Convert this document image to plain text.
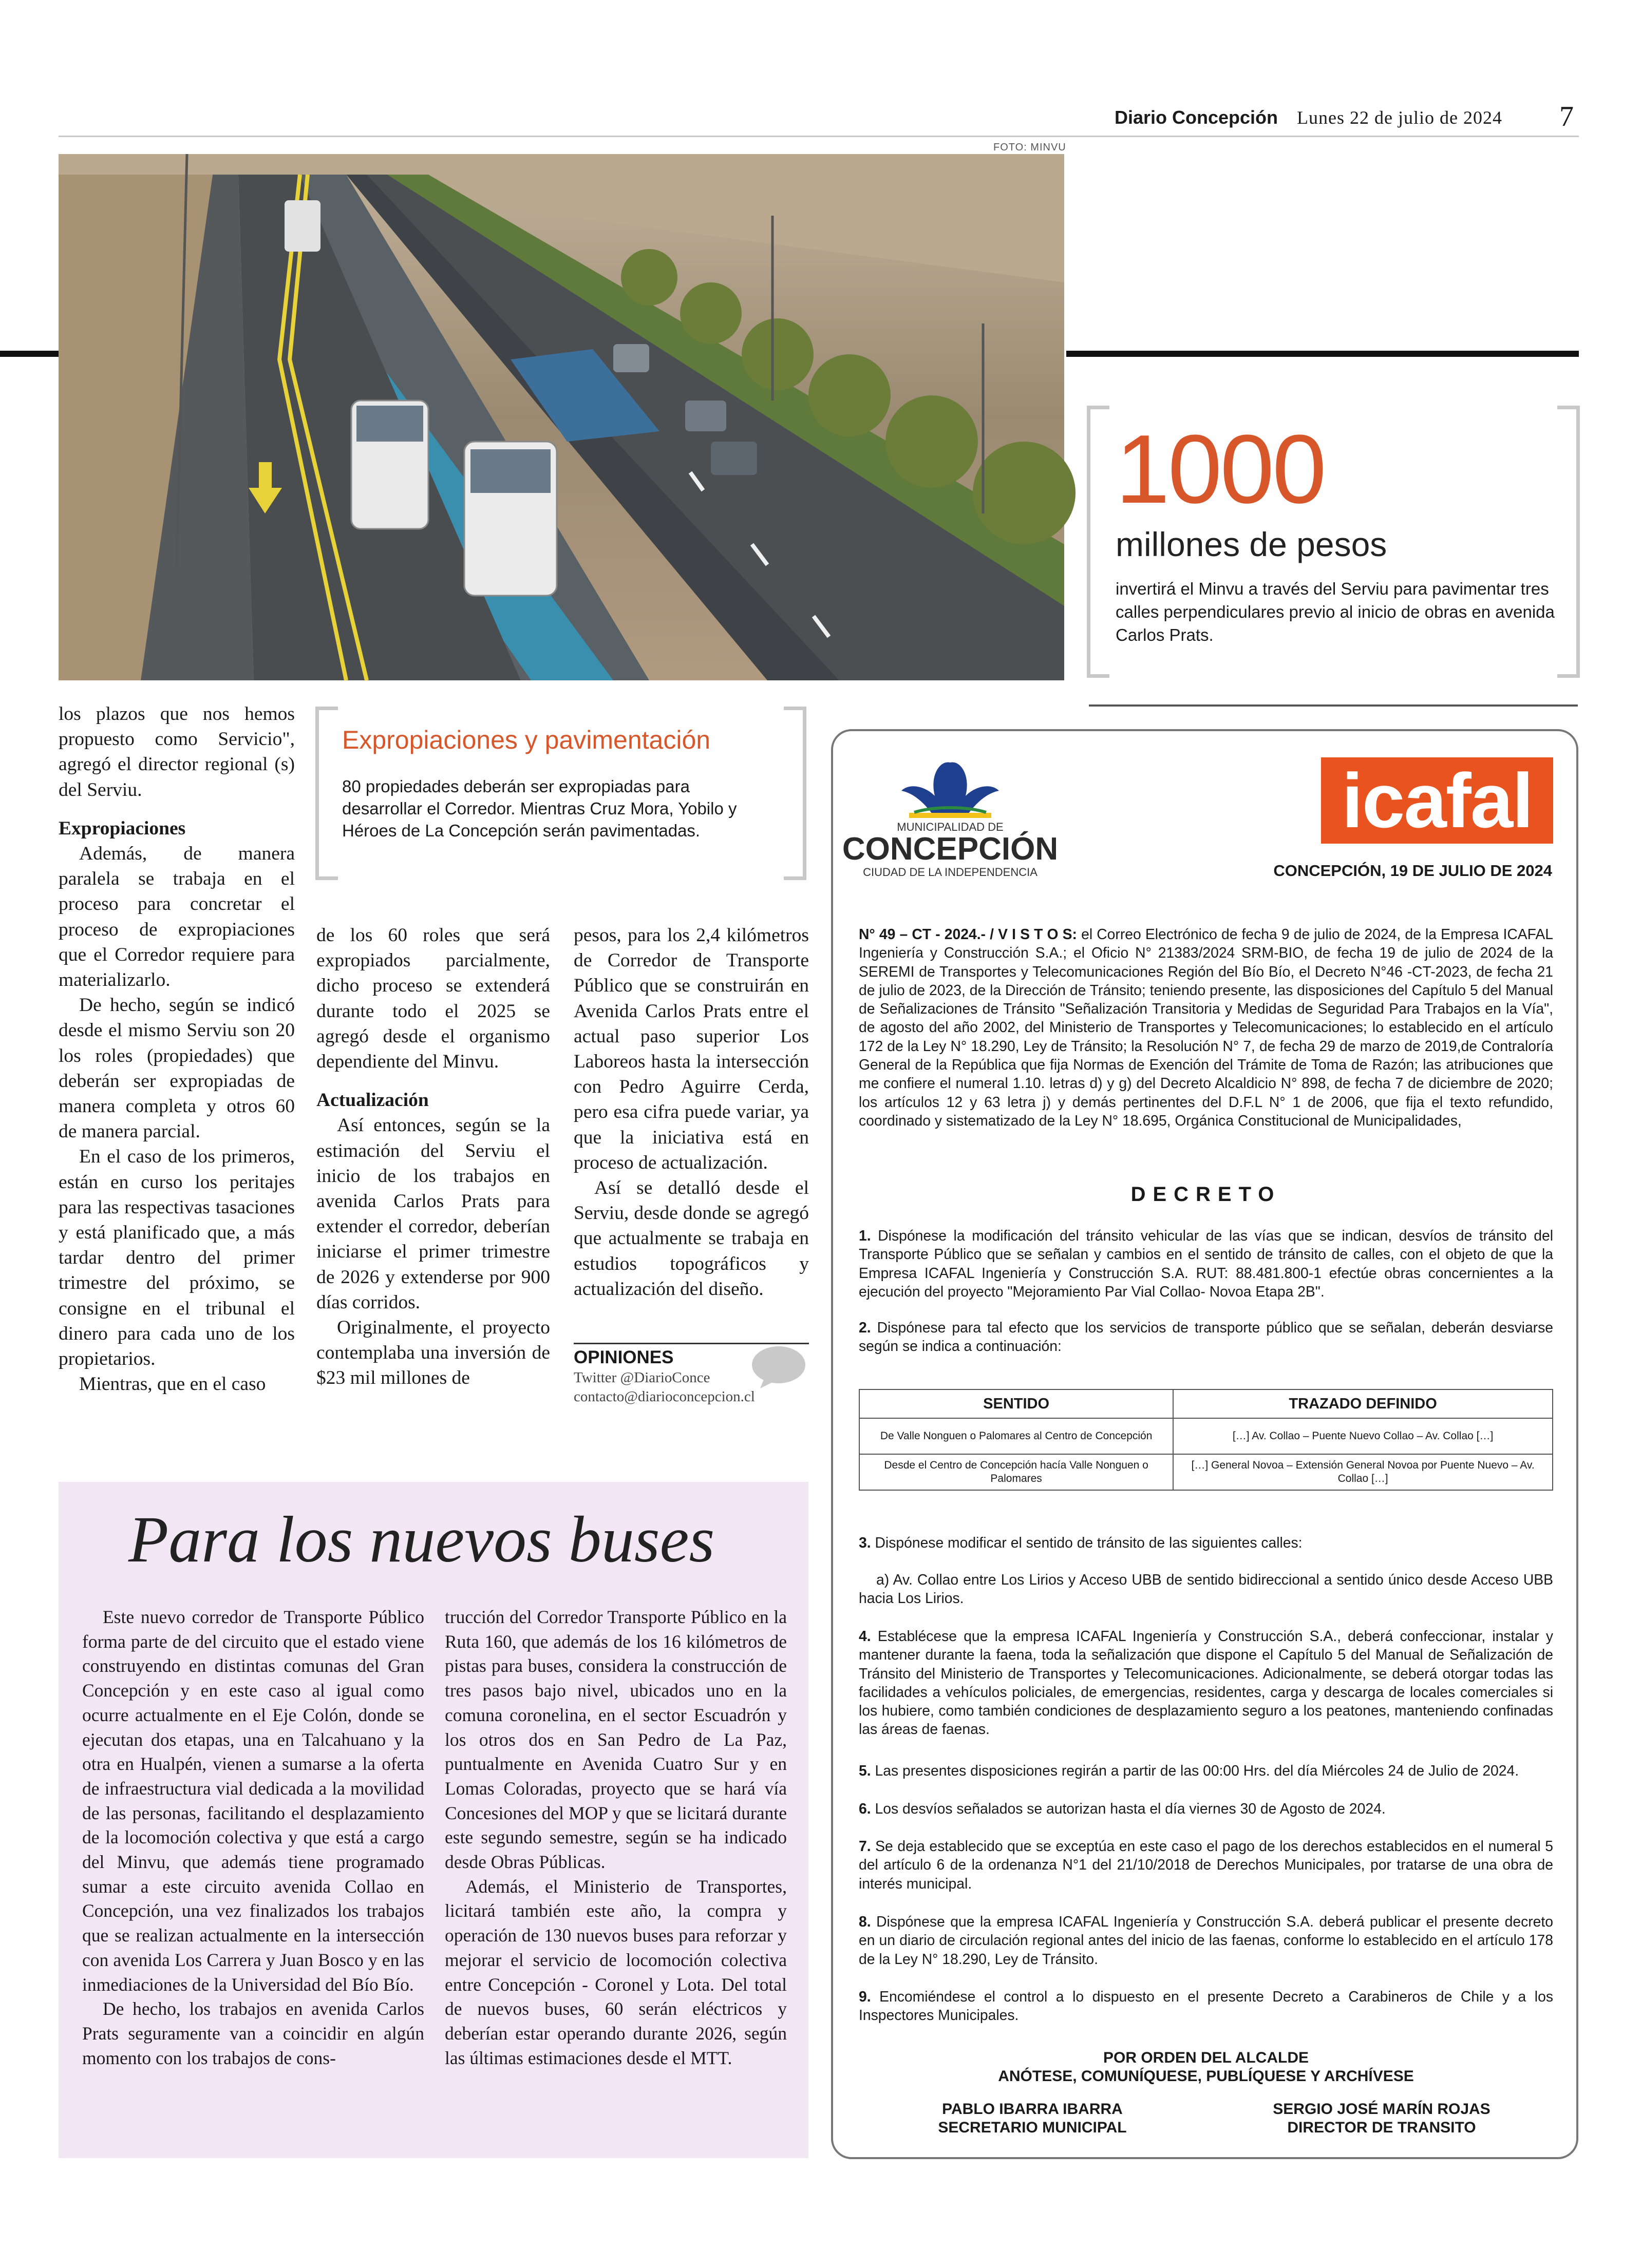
Diario Concepción Lunes 22 de julio de 2024 7
FOTO: MINVU
1000
millones de pesos
invertirá el Minvu a través del Serviu para pavimentar tres calles perpendiculares previo al inicio de obras en avenida Carlos Prats.

los plazos que nos hemos propuesto como Servicio", agregó el director regional (s) del Serviu.

Expropiaciones

Además, de manera paralela se trabaja en el proceso para concretar el proceso de expropiaciones que el Corredor requiere para materializarlo.

De hecho, según se indicó desde el mismo Serviu son 20 los roles (propiedades) que deberán ser expropiadas de manera completa y otros 60 de manera parcial.

En el caso de los primeros, están en curso los peritajes para las respectivas tasaciones y está planificado que, a más tardar dentro del primer trimestre del próximo, se consigne en el tribunal el dinero para cada uno de los propietarios.

Mientras, que en el caso

Expropiaciones y pavimentación
80 propiedades deberán ser expropiadas para desarrollar el Corredor. Mientras Cruz Mora, Yobilo y Héroes de La Concepción serán pavimentadas.

de los 60 roles que será expropiados parcialmente, dicho proceso se extenderá durante todo el 2025 se agregó desde el organismo dependiente del Minvu.

Actualización

Así entonces, según se la estimación del Serviu el inicio de los trabajos en avenida Carlos Prats para extender el corredor, deberían iniciarse el primer trimestre de 2026 y extenderse por 900 días corridos.

Originalmente, el proyecto contemplaba una inversión de $23 mil millones de

pesos, para los 2,4 kilómetros de Corredor de Transporte Público que se construirán en Avenida Carlos Prats entre el actual paso superior Los Laboreos hasta la intersección con Pedro Aguirre Cerda, pero esa cifra puede variar, ya que la iniciativa está en proceso de actualización.

Así se detalló desde el Serviu, desde donde se agregó que actualmente se trabaja en estudios topográficos y actualización del diseño.

OPINIONES
Twitter @DiarioConce
contacto@diarioconcepcion.cl
Para los nuevos buses

Este nuevo corredor de Transporte Público forma parte de del circuito que el estado viene construyendo en distintas comunas del Gran Concepción y en este caso al igual como ocurre actualmente en el Eje Colón, donde se ejecutan dos etapas, una en Talcahuano y la otra en Hualpén, vienen a sumarse a la oferta de infraestructura vial dedicada a la movilidad de las personas, facilitando el desplazamiento de la locomoción colectiva y que está a cargo del Minvu, que además tiene programado sumar a este circuito avenida Collao en Concepción, una vez finalizados los trabajos que se realizan actualmente en la intersección con avenida Los Carrera y Juan Bosco y en las inmediaciones de la Universidad del Bío Bío.

De hecho, los trabajos en avenida Carlos Prats seguramente van a coincidir en algún momento con los trabajos de cons-

trucción del Corredor Transporte Público en la Ruta 160, que además de los 16 kilómetros de pistas para buses, considera la construcción de tres pasos bajo nivel, ubicados uno en la comuna coronelina, en el sector Escuadrón y los otros dos en San Pedro de La Paz, puntualmente en Avenida Cuatro Sur y en Lomas Coloradas, proyecto que se hará vía Concesiones del MOP y que se licitará durante este segundo semestre, según se ha indicado desde Obras Públicas.

Además, el Ministerio de Transportes, licitará también este año, la compra y operación de 130 nuevos buses para reforzar y mejorar el servicio de locomoción colectiva entre Concepción - Coronel y Lota. Del total de nuevos buses, 60 serán eléctricos y deberían estar operando durante 2026, según las últimas estimaciones desde el MTT.

MUNICIPALIDAD DE
CONCEPCIÓN
CIUDAD DE LA INDEPENDENCIA
icafal
CONCEPCIÓN, 19 DE JULIO DE 2024
N° 49 – CT - 2024.- / V I S T O S: el Correo Electrónico de fecha 9 de julio de 2024, de la Empresa ICAFAL Ingeniería y Construcción S.A.; el Oficio N° 21383/2024 SRM-BIO, de fecha 19 de julio de 2024 de la SEREMI de Transportes y Telecomunicaciones Región del Bío Bío, el Decreto N°46 -CT-2023, de fecha 21 de julio de 2023, de la Dirección de Tránsito; teniendo presente, las disposiciones del Capítulo 5 del Manual de Señalizaciones de Tránsito "Señalización Transitoria y Medidas de Seguridad Para Trabajos en la Vía", de agosto del año 2002, del Ministerio de Transportes y Telecomunicaciones; lo establecido en el artículo 172 de la Ley N° 18.290, Ley de Tránsito; la Resolución N° 7, de fecha 29 de marzo de 2019,de Contraloría General de la República que fija Normas de Exención del Trámite de Toma de Razón; las atribuciones que me confiere el numeral 1.10. letras d) y g) del Decreto Alcaldicio N° 898, de fecha 7 de diciembre de 2020; los artículos 12 y 63 letra j) y demás pertinentes del D.F.L N° 1 de 2006, que fija el texto refundido, coordinado y sistematizado de la Ley N° 18.695, Orgánica Constitucional de Municipalidades,
DECRETO
1. Dispónese la modificación del tránsito vehicular de las vías que se indican, desvíos de tránsito del Transporte Público que se señalan y cambios en el sentido de tránsito de calles, con el objeto de que la Empresa ICAFAL Ingeniería y Construcción S.A. RUT: 88.481.800-1 efectúe obras concernientes a la ejecución del proyecto "Mejoramiento Par Vial Collao- Novoa Etapa 2B".
2. Dispónese para tal efecto que los servicios de transporte público que se señalan, deberán desviarse según se indica a continuación:
SENTIDO	TRAZADO DEFINIDO
De Valle Nonguen o Palomares al Centro de Concepción	[…] Av. Collao – Puente Nuevo Collao – Av. Collao […]
Desde el Centro de Concepción hacía Valle Nonguen o Palomares	[…] General Novoa – Extensión General Novoa por Puente Nuevo – Av. Collao […]
3. Dispónese modificar el sentido de tránsito de las siguientes calles:
a) Av. Collao entre Los Lirios y Acceso UBB de sentido bidireccional a sentido único desde Acceso UBB hacia Los Lirios.
4. Establécese que la empresa ICAFAL Ingeniería y Construcción S.A., deberá confeccionar, instalar y mantener durante la faena, toda la señalización que dispone el Capítulo 5 del Manual de Señalización de Tránsito del Ministerio de Transportes y Telecomunicaciones. Adicionalmente, se deberá otorgar todas las facilidades a vehículos policiales, de emergencias, residentes, carga y descarga de locales comerciales si los hubiere, como también condiciones de desplazamiento seguro a los peatones, manteniendo confinadas las áreas de faenas.
5. Las presentes disposiciones regirán a partir de las 00:00 Hrs. del día Miércoles 24 de Julio de 2024.
6. Los desvíos señalados se autorizan hasta el día viernes 30 de Agosto de 2024.
7. Se deja establecido que se exceptúa en este caso el pago de los derechos establecidos en el numeral 5 del artículo 6 de la ordenanza N°1 del 21/10/2018 de Derechos Municipales, por tratarse de una obra de interés municipal.
8. Dispónese que la empresa ICAFAL Ingeniería y Construcción S.A. deberá publicar el presente decreto en un diario de circulación regional antes del inicio de las faenas, conforme lo establecido en el artículo 178 de la Ley N° 18.290, Ley de Tránsito.
9. Encomiéndese el control a lo dispuesto en el presente Decreto a Carabineros de Chile y a los Inspectores Municipales.
POR ORDEN DEL ALCALDE
ANÓTESE, COMUNÍQUESE, PUBLÍQUESE Y ARCHÍVESE
PABLO IBARRA IBARRA
SECRETARIO MUNICIPAL
SERGIO JOSÉ MARÍN ROJAS
DIRECTOR DE TRANSITO
